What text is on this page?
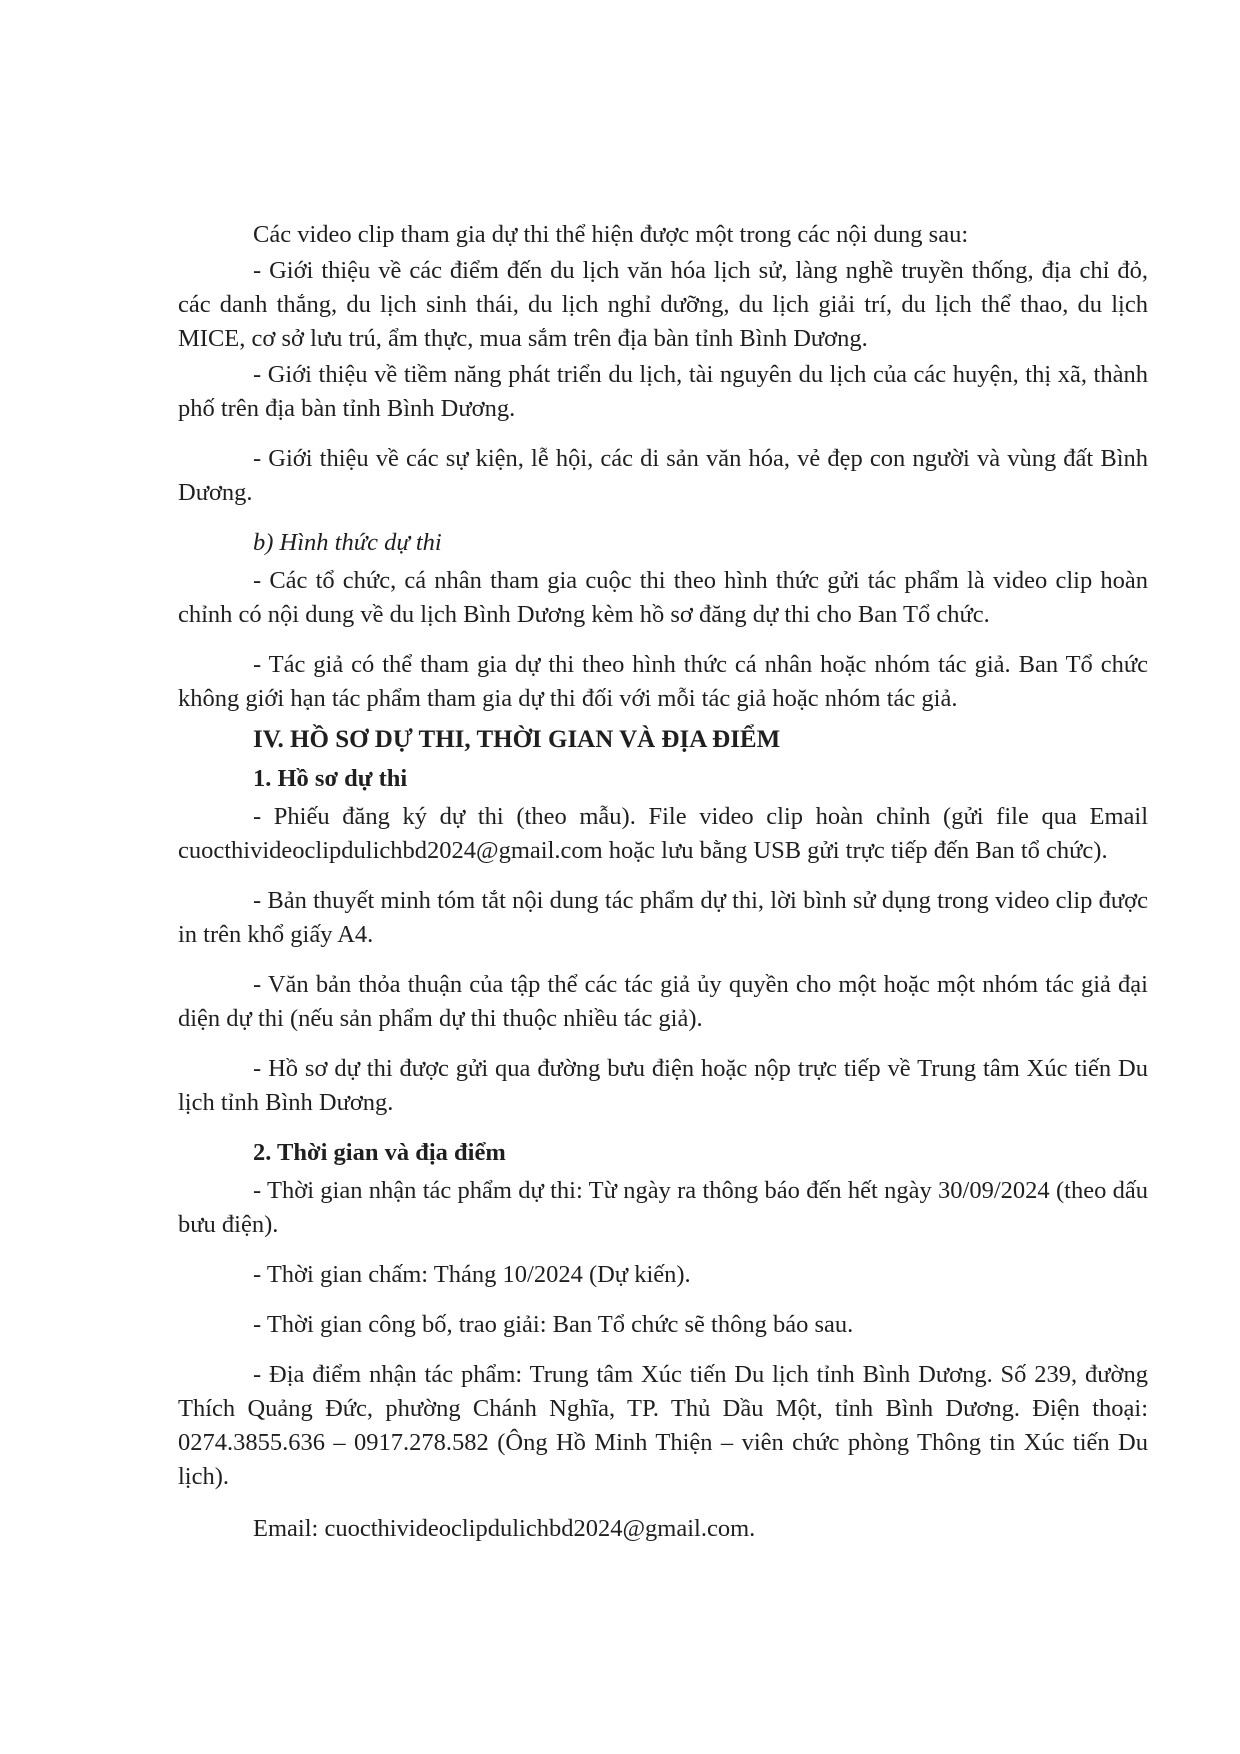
Các video clip tham gia dự thi thể hiện được một trong các nội dung sau:

- Giới thiệu về các điểm đến du lịch văn hóa lịch sử, làng nghề truyền thống, địa chỉ đỏ, các danh thắng, du lịch sinh thái, du lịch nghỉ dưỡng, du lịch giải trí, du lịch thể thao, du lịch MICE, cơ sở lưu trú, ẩm thực, mua sắm trên địa bàn tỉnh Bình Dương.

- Giới thiệu về tiềm năng phát triển du lịch, tài nguyên du lịch của các huyện, thị xã, thành phố trên địa bàn tỉnh Bình Dương.

- Giới thiệu về các sự kiện, lễ hội, các di sản văn hóa, vẻ đẹp con người và vùng đất Bình Dương.

b) Hình thức dự thi

- Các tổ chức, cá nhân tham gia cuộc thi theo hình thức gửi tác phẩm là video clip hoàn chỉnh có nội dung về du lịch Bình Dương kèm hồ sơ đăng dự thi cho Ban Tổ chức.

- Tác giả có thể tham gia dự thi theo hình thức cá nhân hoặc nhóm tác giả. Ban Tổ chức không giới hạn tác phẩm tham gia dự thi đối với mỗi tác giả hoặc nhóm tác giả.

IV. HỒ SƠ DỰ THI, THỜI GIAN VÀ ĐỊA ĐIỂM

1. Hồ sơ dự thi

- Phiếu đăng ký dự thi (theo mẫu). File video clip hoàn chỉnh (gửi file qua Email cuocthivideoclipdulichbd2024@gmail.com hoặc lưu bằng USB gửi trực tiếp đến Ban tổ chức).

- Bản thuyết minh tóm tắt nội dung tác phẩm dự thi, lời bình sử dụng trong video clip được in trên khổ giấy A4.

- Văn bản thỏa thuận của tập thể các tác giả ủy quyền cho một hoặc một nhóm tác giả đại diện dự thi (nếu sản phẩm dự thi thuộc nhiều tác giả).

- Hồ sơ dự thi được gửi qua đường bưu điện hoặc nộp trực tiếp về Trung tâm Xúc tiến Du lịch tỉnh Bình Dương.

2. Thời gian và địa điểm

- Thời gian nhận tác phẩm dự thi: Từ ngày ra thông báo đến hết ngày 30/09/2024 (theo dấu bưu điện).

- Thời gian chấm: Tháng 10/2024 (Dự kiến).

- Thời gian công bố, trao giải: Ban Tổ chức sẽ thông báo sau.

- Địa điểm nhận tác phẩm: Trung tâm Xúc tiến Du lịch tỉnh Bình Dương. Số 239, đường Thích Quảng Đức, phường Chánh Nghĩa, TP. Thủ Dầu Một, tỉnh Bình Dương. Điện thoại: 0274.3855.636 – 0917.278.582 (Ông Hồ Minh Thiện – viên chức phòng Thông tin Xúc tiến Du lịch).

Email: cuocthivideoclipdulichbd2024@gmail.com.
